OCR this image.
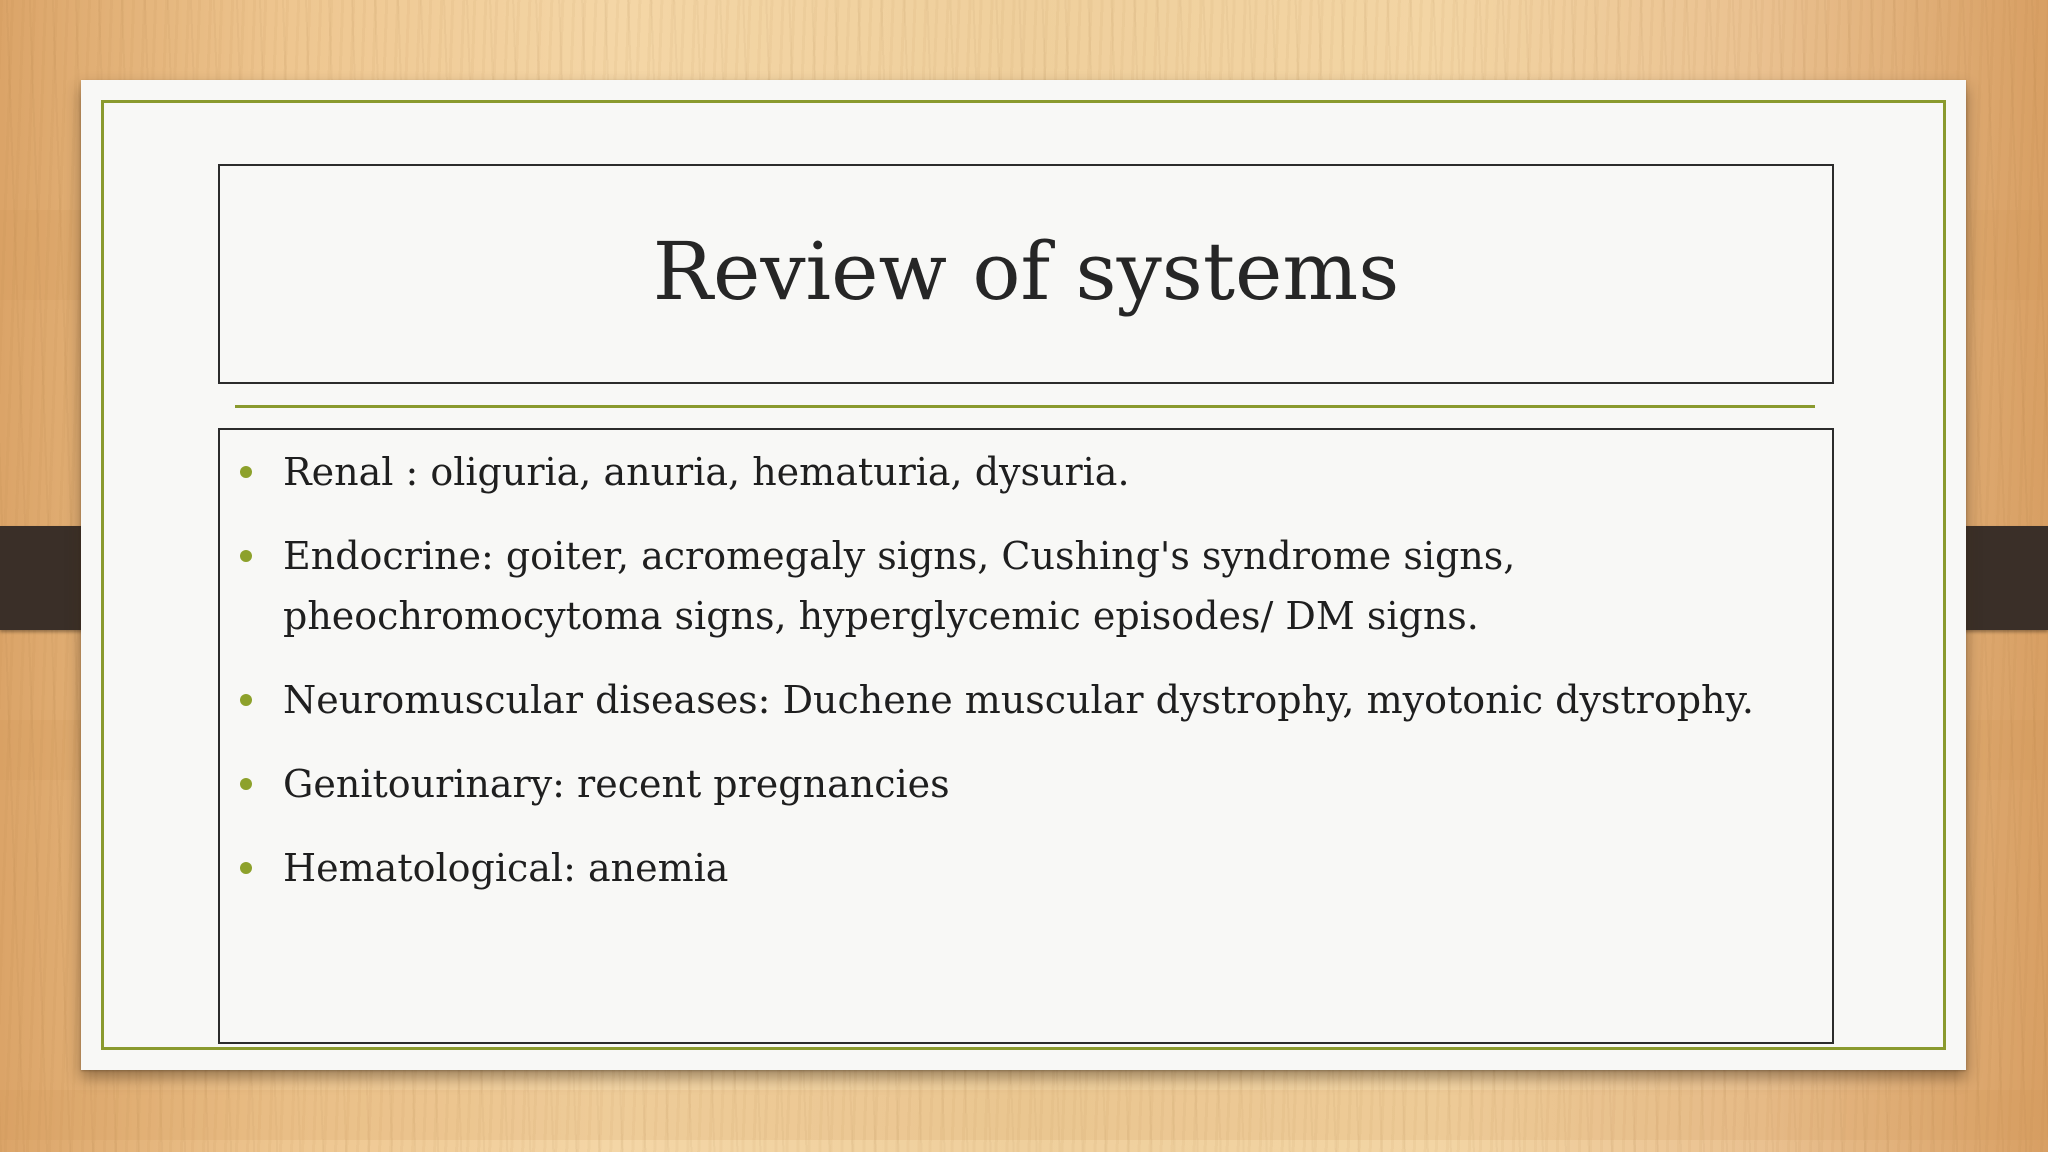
Review of systems
Renal : oliguria, anuria, hematuria, dysuria.
Endocrine: goiter, acromegaly signs, Cushing's syndrome signs, pheochromocytoma signs, hyperglycemic episodes/ DM signs.
Neuromuscular diseases: Duchene muscular dystrophy, myotonic dystrophy.
Genitourinary: recent pregnancies
Hematological: anemia
